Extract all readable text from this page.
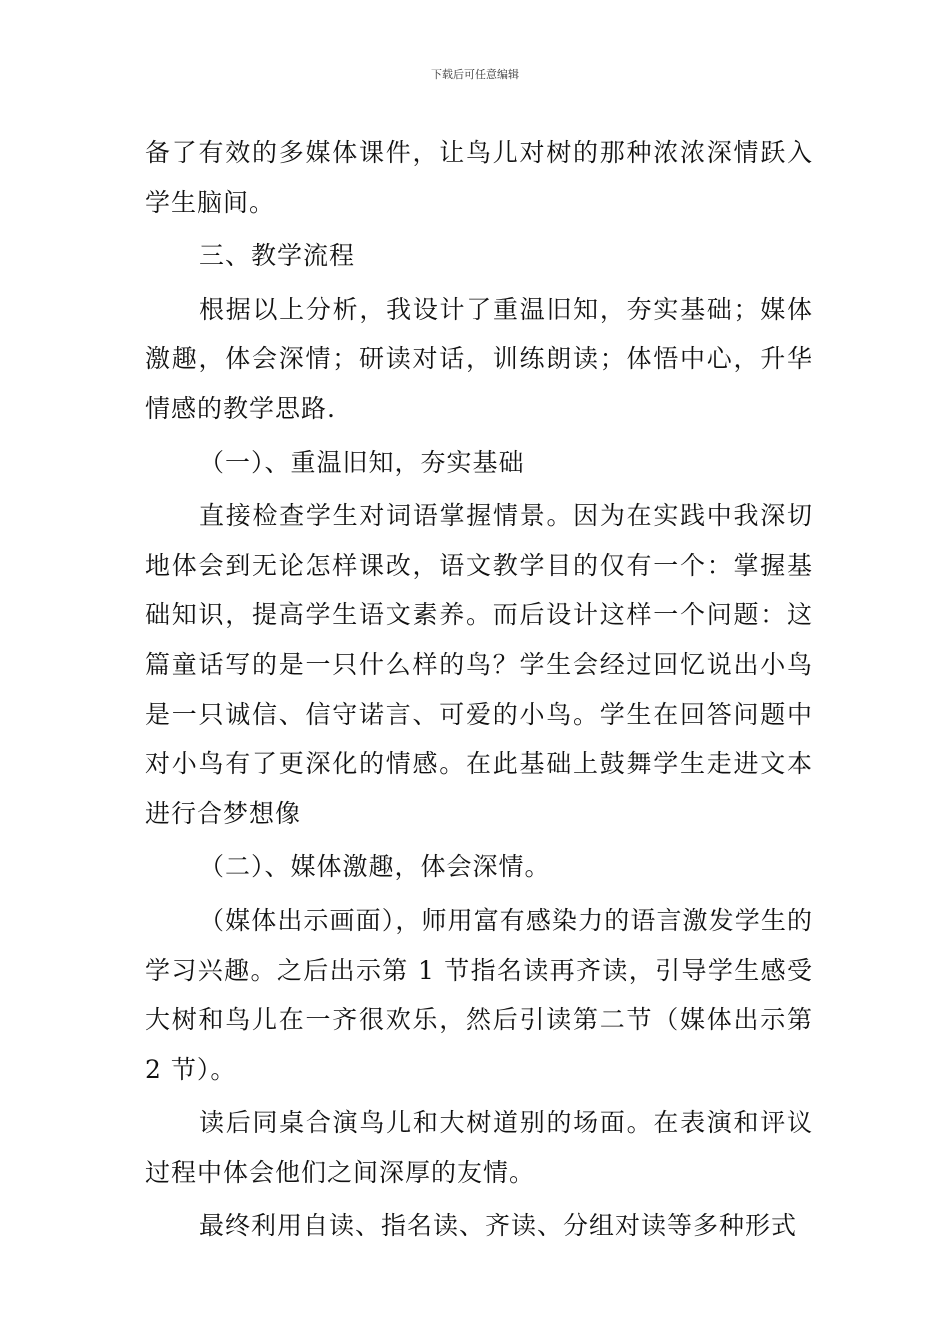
下载后可任意编辑

备了有效的多媒体课件，让鸟儿对树的那种浓浓深情跃入学生脑间。

三、教学流程

根据以上分析，我设计了重温旧知，夯实基础；媒体激趣，体会深情；研读对话，训练朗读；体悟中心，升华情感的教学思路.

（一）、重温旧知，夯实基础

直接检查学生对词语掌握情景。因为在实践中我深切地体会到无论怎样课改，语文教学目的仅有一个：掌握基础知识，提高学生语文素养。而后设计这样一个问题：这篇童话写的是一只什么样的鸟？学生会经过回忆说出小鸟是一只诚信、信守诺言、可爱的小鸟。学生在回答问题中对小鸟有了更深化的情感。在此基础上鼓舞学生走进文本进行合梦想像

（二）、媒体激趣，体会深情。

（媒体出示画面），师用富有感染力的语言激发学生的学习兴趣。之后出示第 1 节指名读再齐读，引导学生感受大树和鸟儿在一齐很欢乐，然后引读第二节（媒体出示第 2 节）。

读后同桌合演鸟儿和大树道别的场面。在表演和评议过程中体会他们之间深厚的友情。

最终利用自读、指名读、齐读、分组对读等多种形式
